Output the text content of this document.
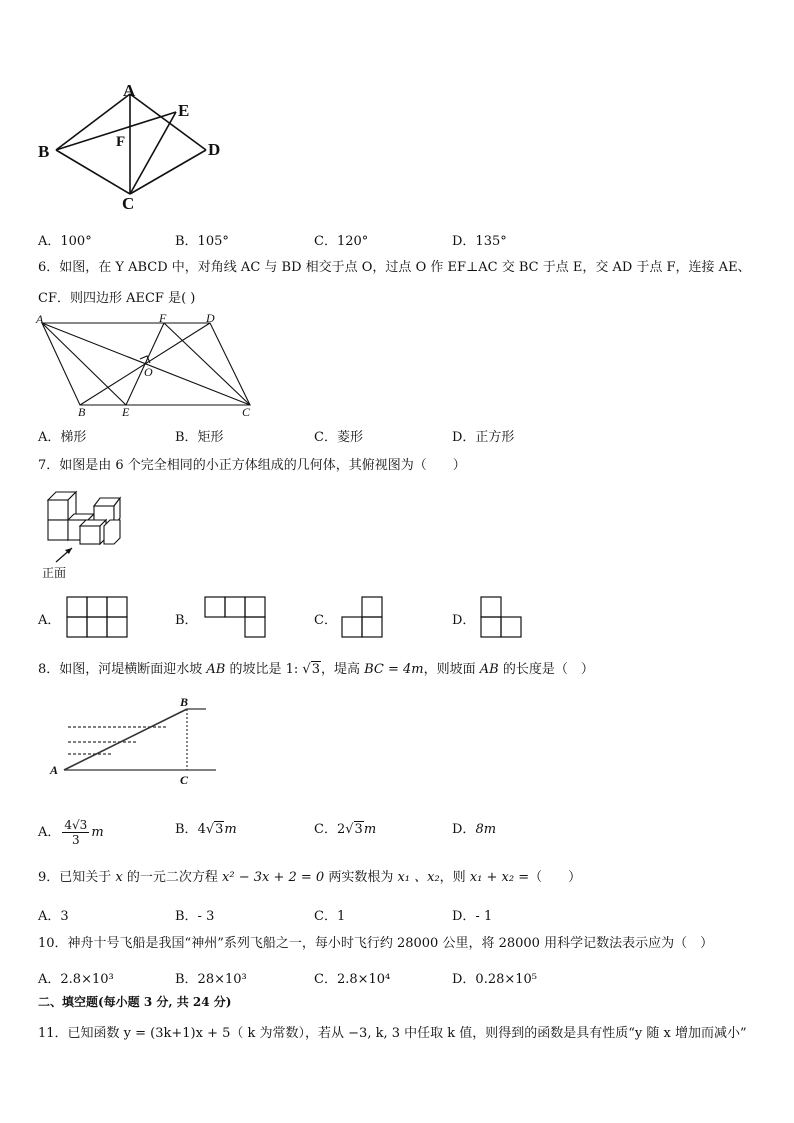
A
E
F
B	D
C
A．100°	B．105°	C．120°	D．135°
6．如图，在 Y ABCD 中，对角线 AC 与 BD 相交于点 O，过点 O 作 EF⊥AC 交 BC 于点 E，交 AD 于点 F，连接 AE、
CF．则四边形 AECF 是( )
A	F	D
O
B	E	C
A．梯形	B．矩形	C．菱形	D．正方形
7．如图是由 6 个完全相同的小正方体组成的几何体，其俯视图为（　　）
正面
A．	B．	C．	D．
8．如图，河堤横断面迎水坡 AB 的坡比是 1: √3，堤高 BC = 4m，则坡面 AB 的长度是（　）
A
B
C
A． $\frac{4√3}{3}$ m	B．4√3m	C．2√3m	D．8m
9．已知关于 x 的一元二次方程 x² − 3x + 2 = 0 两实数根为 x₁ 、x₂，则 x₁ + x₂ =（　　）
A．3	B．- 3	C．1	D．- 1
10．神舟十号飞船是我国“神州”系列飞船之一，每小时飞行约 28000 公里，将 28000 用科学记数法表示应为（　）
A．2.8×10³	B．28×10³	C．2.8×10⁴	D．0.28×10⁵
二、填空题(每小题 3 分, 共 24 分)
11．已知函数 y = (3k+1)x + 5（ k 为常数），若从 −3, k, 3 中任取 k 值，则得到的函数是具有性质“y 随 x 增加而减小”
